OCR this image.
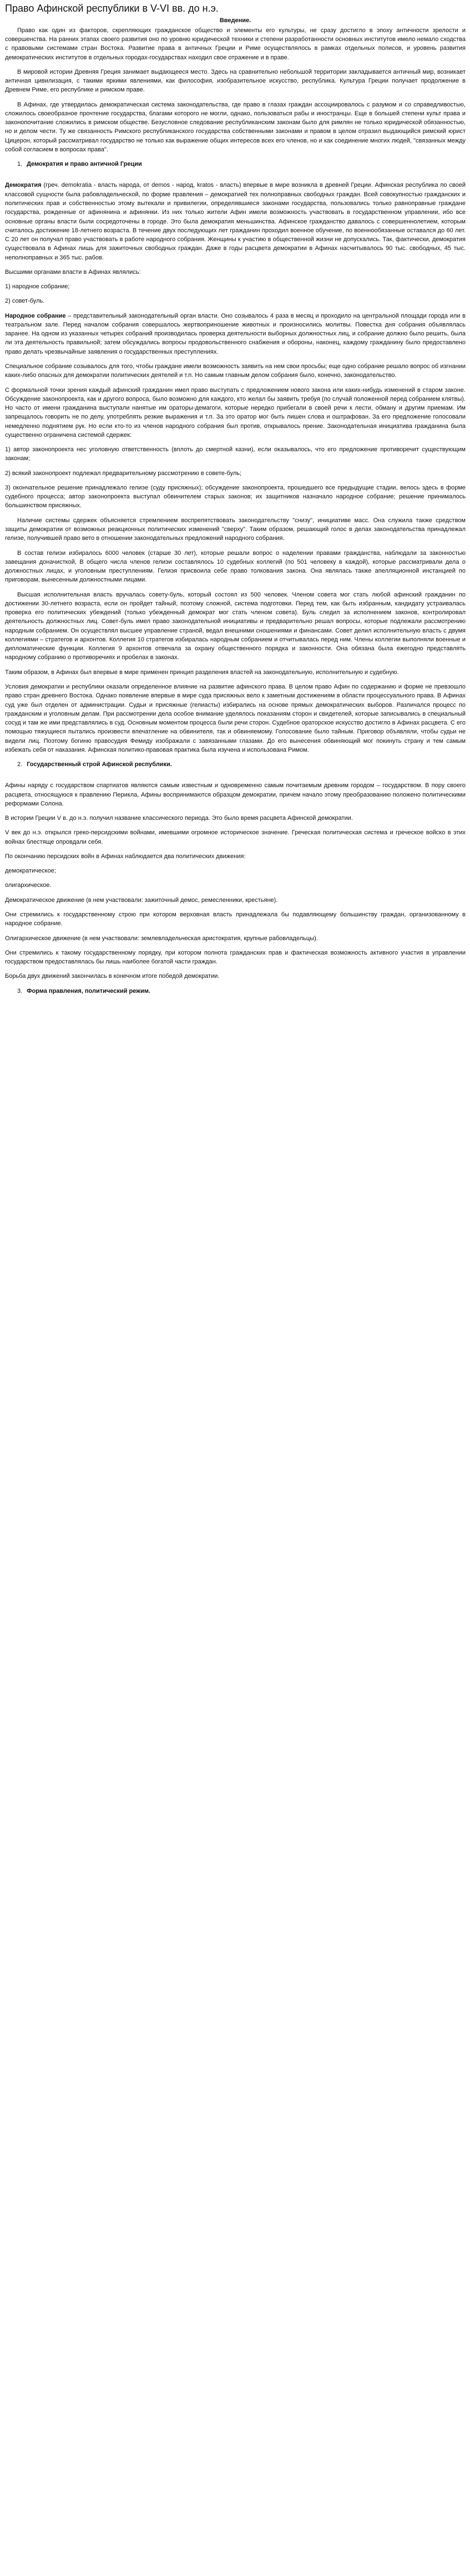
Право Афинской республики в V-VI вв. до н.э.
Введение.

Право как один из факторов, скрепляющих гражданское общество и элементы его культуры, не сразу достигло в эпоху античности зрелости и совершенства. На ранних этапах своего развития оно по уровню юридической техники и степени разработанности основных институтов имело немало сходства с правовыми системами стран Востока. Развитие права в античных Греции и Риме осуществлялось в рамках отдельных полисов, и уровень развития демократических институтов в отдельных городах-государствах находил свое отражение и в праве.

В мировой истории Древняя Греция занимает выдающееся место. Здесь на сравнительно небольшой территории закладывается античный мир, возникает античная цивилизация, с такими яркими явлениями, как философия, изобразительное искусство, республика. Культура Греции получает продолжение в Древнем Риме, его республике и римском праве.

В Афинах, где утвердилась демократическая система законодательства, где право в глазах граждан ассоциировалось с разумом и со справедливостью, сложилось своеобразное прочтение государства, благами которого не могли, однако, пользоваться рабы и иностранцы. Еще в большей степени культ права и законопочитание сложились в римском обществе. Безусловное следование республиканским законам было для римлян не только юридической обязанностью, но и делом чести. Ту же связанность Римского республиканского государства собственными законами и правом в целом отразил выдающийся римский юрист Цицерон, который рассматривал государство не только как выражение общих интересов всех его членов, но и как соединение многих людей, "связанных между собой согласием в вопросах права".

1.
Демократия и право античной Греции

Демократия (греч. demokratia - власть народа, от demos - народ, kratos - власть) впервые в мире возникла в древней Греции. Афинская республика по своей классовой сущности была рабовладельческой, по форме правления – демократией тех полноправных свободных граждан. Всей совокупностью гражданских и политических прав и собственностью этому вытекали и привилегии, определявшиеся законами государства, пользовались только равноправные граждане государства, рожденные от афинянина и афинянки. Из них только жители Афин имели возможность участвовать в государственном управлении, ибо все основные органы власти были сосредоточены в городе. Это была демократия меньшинства. Афинское гражданство давалось с совершеннолетием, которым считалось достижение 18-летнего возраста. В течение двух последующих лет гражданин проходил военное обучение, по военнообязанные оставался до 60 лет. С 20 лет он получал право участвовать в работе народного собрания. Женщины к участию в общественной жизни не допускались. Так, фактически, демократия существовала в Афинах лишь для зажиточных свободных граждан. Даже в годы расцвета демократии в Афинах насчитывалось 90 тыс. свободных, 45 тыс. неполноправных и 365 тыс. рабов.

Высшими органами власти в Афинах являлись:

1) народное собрание;

2) совет-буль.

Народное собрание – представительный законодательный орган власти. Оно созывалось 4 раза в месяц и проходило на центральной площади города или в театральном зале. Перед началом собрания совершалось жертвоприношение животных и произносились молитвы. Повестка дня собрания объявлялась заранее. На одном из указанных четырех собраний производилась проверка деятельности выборных должностных лиц, и собрание должно было решить, была ли эта деятельность правильной; затем обсуждались вопросы продовольственного снабжения и обороны, наконец, каждому гражданину было предоставлено право делать чрезвычайные заявления о государственных преступлениях.

Специальное собрание созывалось для того, чтобы граждане имели возможность заявить на нем свои просьбы; еще одно собрание решало вопрос об изгнании каких-либо опасных для демократии политических деятелей и т.п. Но самым главным делом собрания было, конечно, законодательство.

С формальной точки зрения каждый афинский гражданин имел право выступать с предложением нового закона или каких-нибудь изменений в старом законе. Обсуждение законопроекта, как и другого вопроса, было возможно для каждого, кто желал бы заявить требуя (по случай положенной перед собранием клятвы). Но часто от имени гражданина выступали нанятые им ораторы-демагоги, которые нередко прибегали в своей речи к лести, обману и другим приемам. Им запрещалось говорить не по делу, употреблять резкие выражения и т.п. За это оратор мог быть лишен слова и оштрафован. За его предложение голосовали немедленно поднятием рук. Но если кто-то из членов народного собрания был против, открывалось прение. Законодательная инициатива гражданина была существенно ограничена системой сдержек:

1) автор законопроекта нес уголовную ответственность (вплоть до смертной казни), если оказывалось, что его предложение противоречит существующим законам;

2) всякий законопроект подлежал предварительному рассмотрению в совете-буль;

3) окончательное решение принадлежало гелиэе (суду присяжных); обсуждение законопроекта, прошедшего все предыдущие стадии, велось здесь в форме судебного процесса; автор законопроекта выступал обвинителем старых законов; их защитников назначало народное собрание; решение принималось большинством присяжных.

Наличие системы сдержек объясняется стремлением воспрепятствовать законодательству "снизу", инициативе масс. Она служила также средством защиты демократии от возможных реакционных политических изменений "сверху". Таким образом, решающий голос в делах законодательства принадлежал гелиэе, получившей право вето в отношении законодательных предложений народного собрания.

В состав гелиэи избиралось 6000 человек (старше 30 лет), которые решали вопрос о наделении правами гражданства, наблюдали за законностью завещания доначисткой, В общего числа членов гелиэи составлялось 10 судебных коллегий (по 501 человеку в каждой), которые рассматривали дела о должностных лицах, и уголовным преступлениям. Гелиэя присвоила себе право толкования закона. Она являлась также апелляционной инстанцией по приговорам, вынесенным должностными лицами.

Высшая исполнительная власть вручалась совету-буль, который состоял из 500 человек. Членом совета мог стать любой афинский гражданин по достижении 30-летнего возраста, если он пройдет тайный, поэтому сложной, система подготовки. Перед тем, как быть избранным, кандидату устраивалась проверка его политических убеждений (только убежденный демократ мог стать членом совета). Буль следил за исполнением законов, контролировал деятельность должностных лиц. Совет-буль имел право законодательной инициативы и предварительно решал вопросы, которые подлежали рассмотрению народным собранием. Он осуществлял высшее управление страной, ведал внешними сношениями и финансами. Совет делил исполнительную власть с двумя коллегиями – стратегов и архонтов. Коллегия 10 стратегов избиралась народным собранием и отчитывалась перед ним. Члены коллегии выполняли военные и дипломатические функции. Коллегия 9 архонтов отвечала за охрану общественного порядка и законности. Она обязана была ежегодно представлять народному собранию о противоречиях и пробелах в законах.

Таким образом, в Афинах был впервые в мире применен принцип разделения властей на законодательную, исполнительную и судебную.

Условия демократии и республики оказали определенное влияние на развитие афинского права. В целом право Афин по содержанию и форме не превзошло право стран древнего Востока. Однако появление впервые в мире суда присяжных вело к заметным достижениям в области процессуального права. В Афинах суд уже был отделен от администрации. Судьи и присяжные (гелиасты) избирались на основе прямых демократических выборов. Различался процесс по гражданским и уголовным делам. При рассмотрении дела особое внимание уделялось показаниям сторон и свидетелей, которые записывались в специальный сосуд и там же ими представлялись в суд. Основным моментом процесса были речи сторон. Судебное ораторское искусство достигло в Афинах расцвета. С его помощью тяжущиеся пытались произвести впечатление на обвинителя, так и обвиняемому. Голосование было тайным. Приговор объявляли, чтобы судьи не видели лиц. Поэтому богиню правосудия Фемиду изображали с завязанными глазами. До его вынесения обвиняющий мог покинуть страну и тем самым избежать себя от наказания. Афинская политико-правовая практика была изучена и использована Римом.

2.
Государственный строй Афинской республики.

Афины наряду с государством спартиатов являются самым известным и одновременно самым почитаемым древним городом – государством. В пору своего расцвета, относящуюся к правлению Перикла, Афины воспринимаются образцом демократии, причем начало этому преобразованию положено политическими реформами Солона.

В истории Греции V в. до н.э. получил название классического периода. Это было время расцвета Афинской демократии.

V век до н.э. открылся греко-персидскими войнами, имевшими огромное историческое значение. Греческая политическая система и греческое войско в этих войнах блестяще опровдали себя.

По окончанию персидских войн в Афинах наблюдается два политических движения:

демократическое;

олигархическое.

Демократическое движение (в нем участвовали: зажиточный демос, ремесленники, крестьяне).

Они стремились к государственному строю при котором верховная власть принадлежала бы подавляющему большинству граждан, организованному в народное собрание.

Олигархическое движение (в нем участвовали: землевладельческая аристократия, крупные рабовладельцы).

Они стремились к такому государственному порядку, при котором полнота гражданских прав и фактическая возможность активного участия в управлении государством предоставлялась бы лишь наиболее богатой части граждан.

Борьба двух движений закончилась в конечном итоге победой демократии.

3.
Форма правления, политический режим.
